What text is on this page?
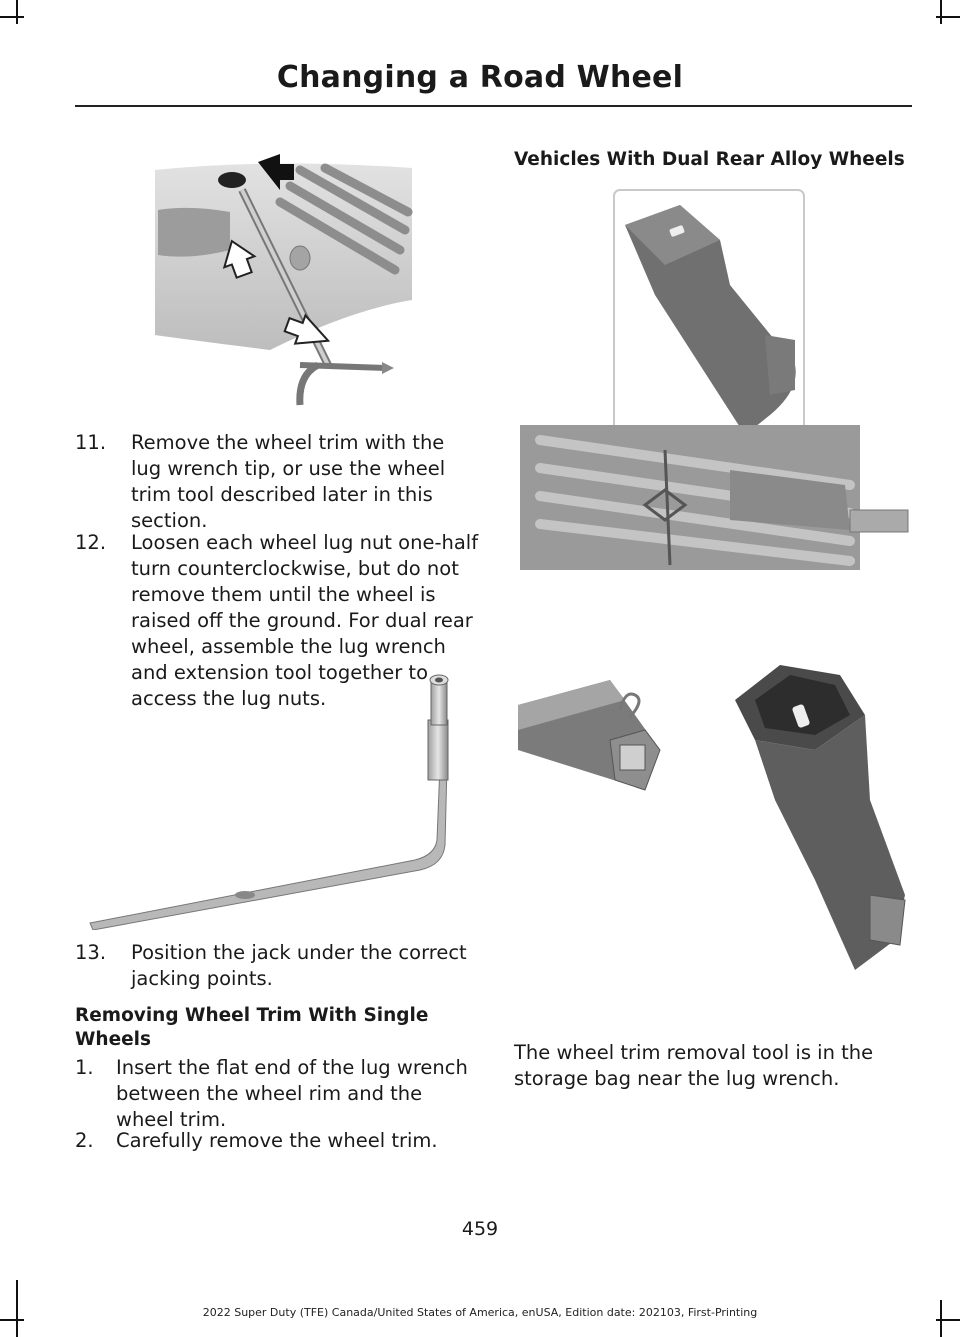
Changing a Road Wheel
11. Remove the wheel trim with the lug wrench tip, or use the wheel trim tool described later in this section.
12. Loosen each wheel lug nut one-half turn counterclockwise, but do not remove them until the wheel is raised off the ground. For dual rear wheel, assemble the lug wrench and extension tool together to access the lug nuts.
13. Position the jack under the correct jacking points.
Removing Wheel Trim With Single Wheels
1. Insert the flat end of the lug wrench between the wheel rim and the wheel trim.
2. Carefully remove the wheel trim.
Vehicles With Dual Rear Alloy Wheels
The wheel trim removal tool is in the storage bag near the lug wrench.
459
2022 Super Duty (TFE) Canada/United States of America, enUSA, Edition date: 202103, First-Printing
